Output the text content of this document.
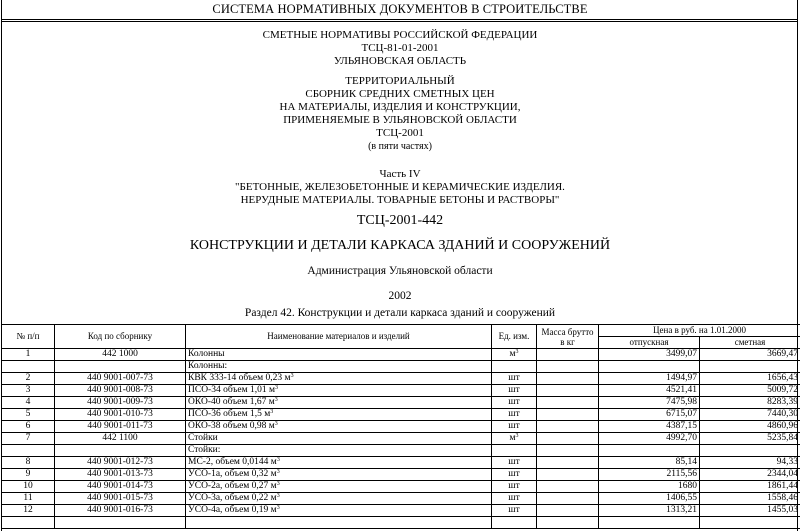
СИСТЕМА НОРМАТИВНЫХ ДОКУМЕНТОВ В СТРОИТЕЛЬСТВЕ
СМЕТНЫЕ НОРМАТИВЫ РОССИЙСКОЙ ФЕДЕРАЦИИ
ТСЦ-81-01-2001
УЛЬЯНОВСКАЯ ОБЛАСТЬ
ТЕРРИТОРИАЛЬНЫЙ
СБОРНИК СРЕДНИХ СМЕТНЫХ ЦЕН
НА МАТЕРИАЛЫ, ИЗДЕЛИЯ И КОНСТРУКЦИИ,
ПРИМЕНЯЕМЫЕ В УЛЬЯНОВСКОЙ ОБЛАСТИ
ТСЦ-2001
(в пяти частях)
Часть IV
"БЕТОННЫЕ, ЖЕЛЕЗОБЕТОННЫЕ И КЕРАМИЧЕСКИЕ ИЗДЕЛИЯ.
НЕРУДНЫЕ МАТЕРИАЛЫ. ТОВАРНЫЕ БЕТОНЫ И РАСТВОРЫ"
ТСЦ-2001-442
КОНСТРУКЦИИ И ДЕТАЛИ КАРКАСА ЗДАНИЙ И СООРУЖЕНИЙ
Администрация Ульяновской области
2002
Раздел 42. Конструкции и детали каркаса зданий и сооружений
№ п/п	Код по сборнику	Наименование материалов и изделий	Ед. изм.	Масса брутто в кг	Цена в руб. на 1.01.2000	
					отпускная	сметная
1	442 1000	Колонны	$м^3$		3499,07	3669,47
		Колонны:				
2	440 9001-007-73	КВК 333-14 объем 0,23 $м^3$	шт		1494,97	1656,43
3	440 9001-008-73	ПСО-34 объем 1,01 $м^3$	шт		4521,41	5009,72
4	440 9001-009-73	ОКО-40 объем 1,67 $м^3$	шт		7475,98	8283,39
5	440 9001-010-73	ПСО-36 объем 1,5 $м^3$	шт		6715,07	7440,30
6	440 9001-011-73	ОКО-38 объем 0,98 $м^3$	шт		4387,15	4860,96
7	442 1100	Стойки	$м^3$		4992,70	5235,84
		Стойки:				
8	440 9001-012-73	МС-2, объем 0,0144 $м^3$	шт		85,14	94,33
9	440 9001-013-73	УСО-1а, объем 0,32 $м^3$	шт		2115,56	2344,04
10	440 9001-014-73	УСО-2а, объем 0,27 $м^3$	шт		1680	1861,44
11	440 9001-015-73	УСО-3а, объем 0,22 $м^3$	шт		1406,55	1558,46
12	440 9001-016-73	УСО-4а, объем 0,19 $м^3$	шт		1313,21	1455,03
